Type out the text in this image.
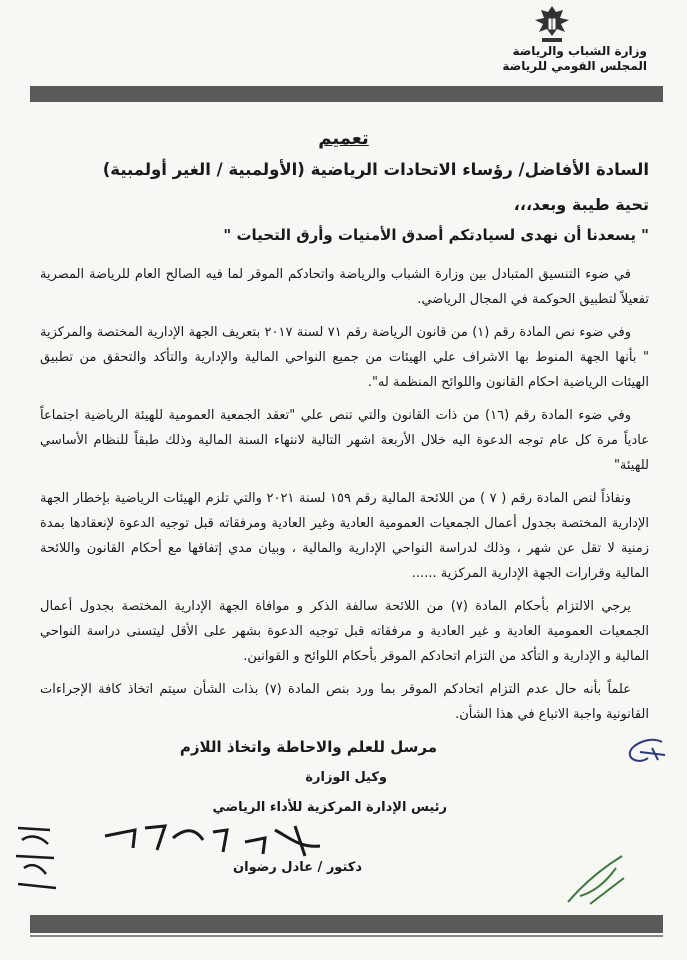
وزارة الشباب والرياضة
المجلس القومي للرياضة
تعميم
السادة الأفاضل/ رؤساء الاتحادات الرياضية (الأولمبية / الغير أولمبية)
تحية طيبة وبعد،،،
" يسعدنا أن نهدى لسيادتكم أصدق الأمنيات وأرق التحيات "

في ضوء التنسيق المتبادل بين وزارة الشباب والرياضة واتحادكم الموقر لما فيه الصالح العام للرياضة المصرية تفعيلاً لتطبيق الحوكمة في المجال الرياضي.

وفي ضوء نص المادة رقم (١) من قانون الرياضة رقم ٧١ لسنة ٢٠١٧ بتعريف الجهة الإدارية المختصة والمركزية " بأنها الجهة المنوط بها الاشراف علي الهيئات من جميع النواحي المالية والإدارية والتأكد والتحقق من تطبيق الهيئات الرياضية احكام القانون واللوائح المنظمة له".

وفي ضوء المادة رقم (١٦) من ذات القانون والتي تنص علي "تعقد الجمعية العمومية للهيئة الرياضية اجتماعاً عادياً مرة كل عام توجه الدعوة اليه خلال الأربعة اشهر التالية لانتهاء السنة المالية وذلك طبقاً للنظام الأساسي للهيئة"

ونفاذاً لنص المادة رقم ( ٧ ) من اللائحة المالية رقم ١٥٩ لسنة ٢٠٢١ والتي تلزم الهيئات الرياضية بإخطار الجهة الإدارية المختصة بجدول أعمال الجمعيات العمومية العادية وغير العادية ومرفقاته قبل توجيه الدعوة لإنعقادها بمدة زمنية لا تقل عن شهر ، وذلك لدراسة النواحي الإدارية والمالية ، وبيان مدي إتفاقها مع أحكام القانون واللائحة المالية وقرارات الجهة الإدارية المركزية ......

يرجي الالتزام بأحكام المادة (٧) من اللائحة سالفة الذكر و موافاة الجهة الإدارية المختصة بجدول أعمال الجمعيات العمومية العادية و غير العادية و مرفقاته قبل توجيه الدعوة بشهر على الأقل ليتسنى دراسة النواحي المالية و الإدارية و التأكد من التزام اتحادكم الموقر بأحكام اللوائح و القوانين.

علماً بأنه حال عدم التزام اتحادكم الموقر بما ورد بنص المادة (٧) بذات الشأن سيتم اتخاذ كافة الإجراءات القانونية واجبة الاتباع في هذا الشأن.

مرسل للعلم والاحاطة واتخاذ اللازم
وكيل الوزارة
رئيس الإدارة المركزية للأداء الرياضي
دكتور / عادل رضوان
